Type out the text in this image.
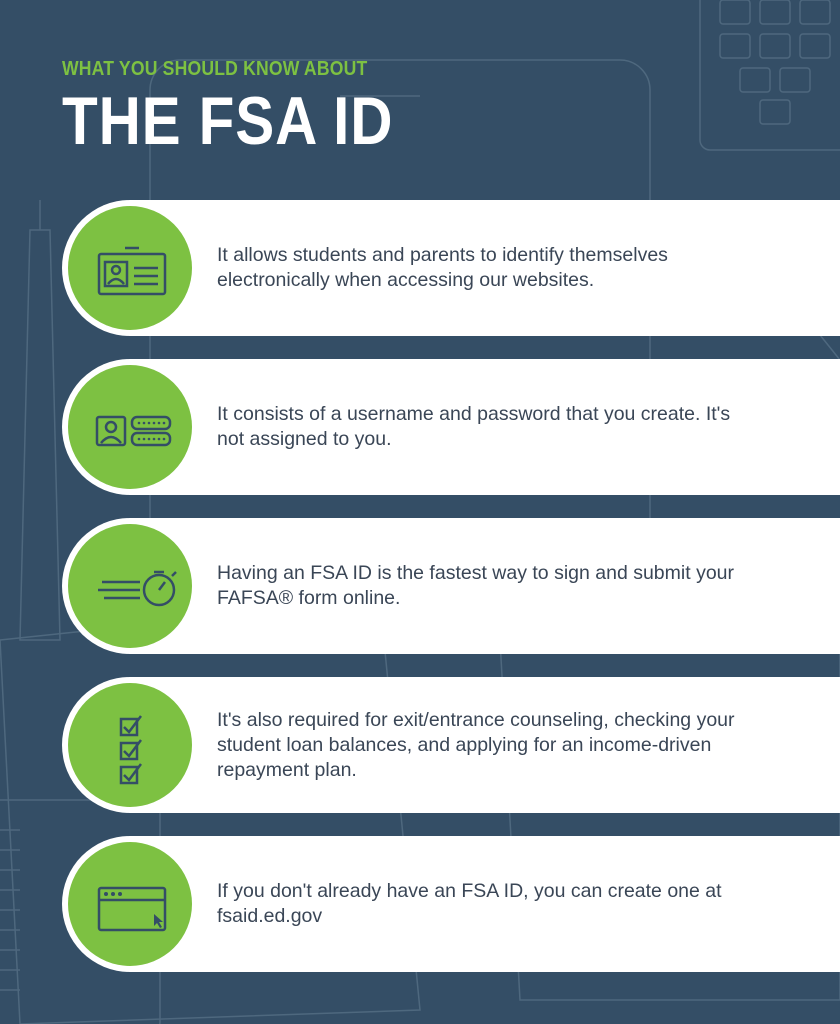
WHAT YOU SHOULD KNOW ABOUT
THE FSA ID
It allows students and parents to identify themselves electronically when accessing our websites.
It consists of a username and password that you create. It's not assigned to you.
Having an FSA ID is the fastest way to sign and submit your FAFSA® form online.
It's also required for exit/entrance counseling, checking your student loan balances, and applying for an income-driven repayment plan.
If you don't already have an FSA ID, you can create one at fsaid.ed.gov
